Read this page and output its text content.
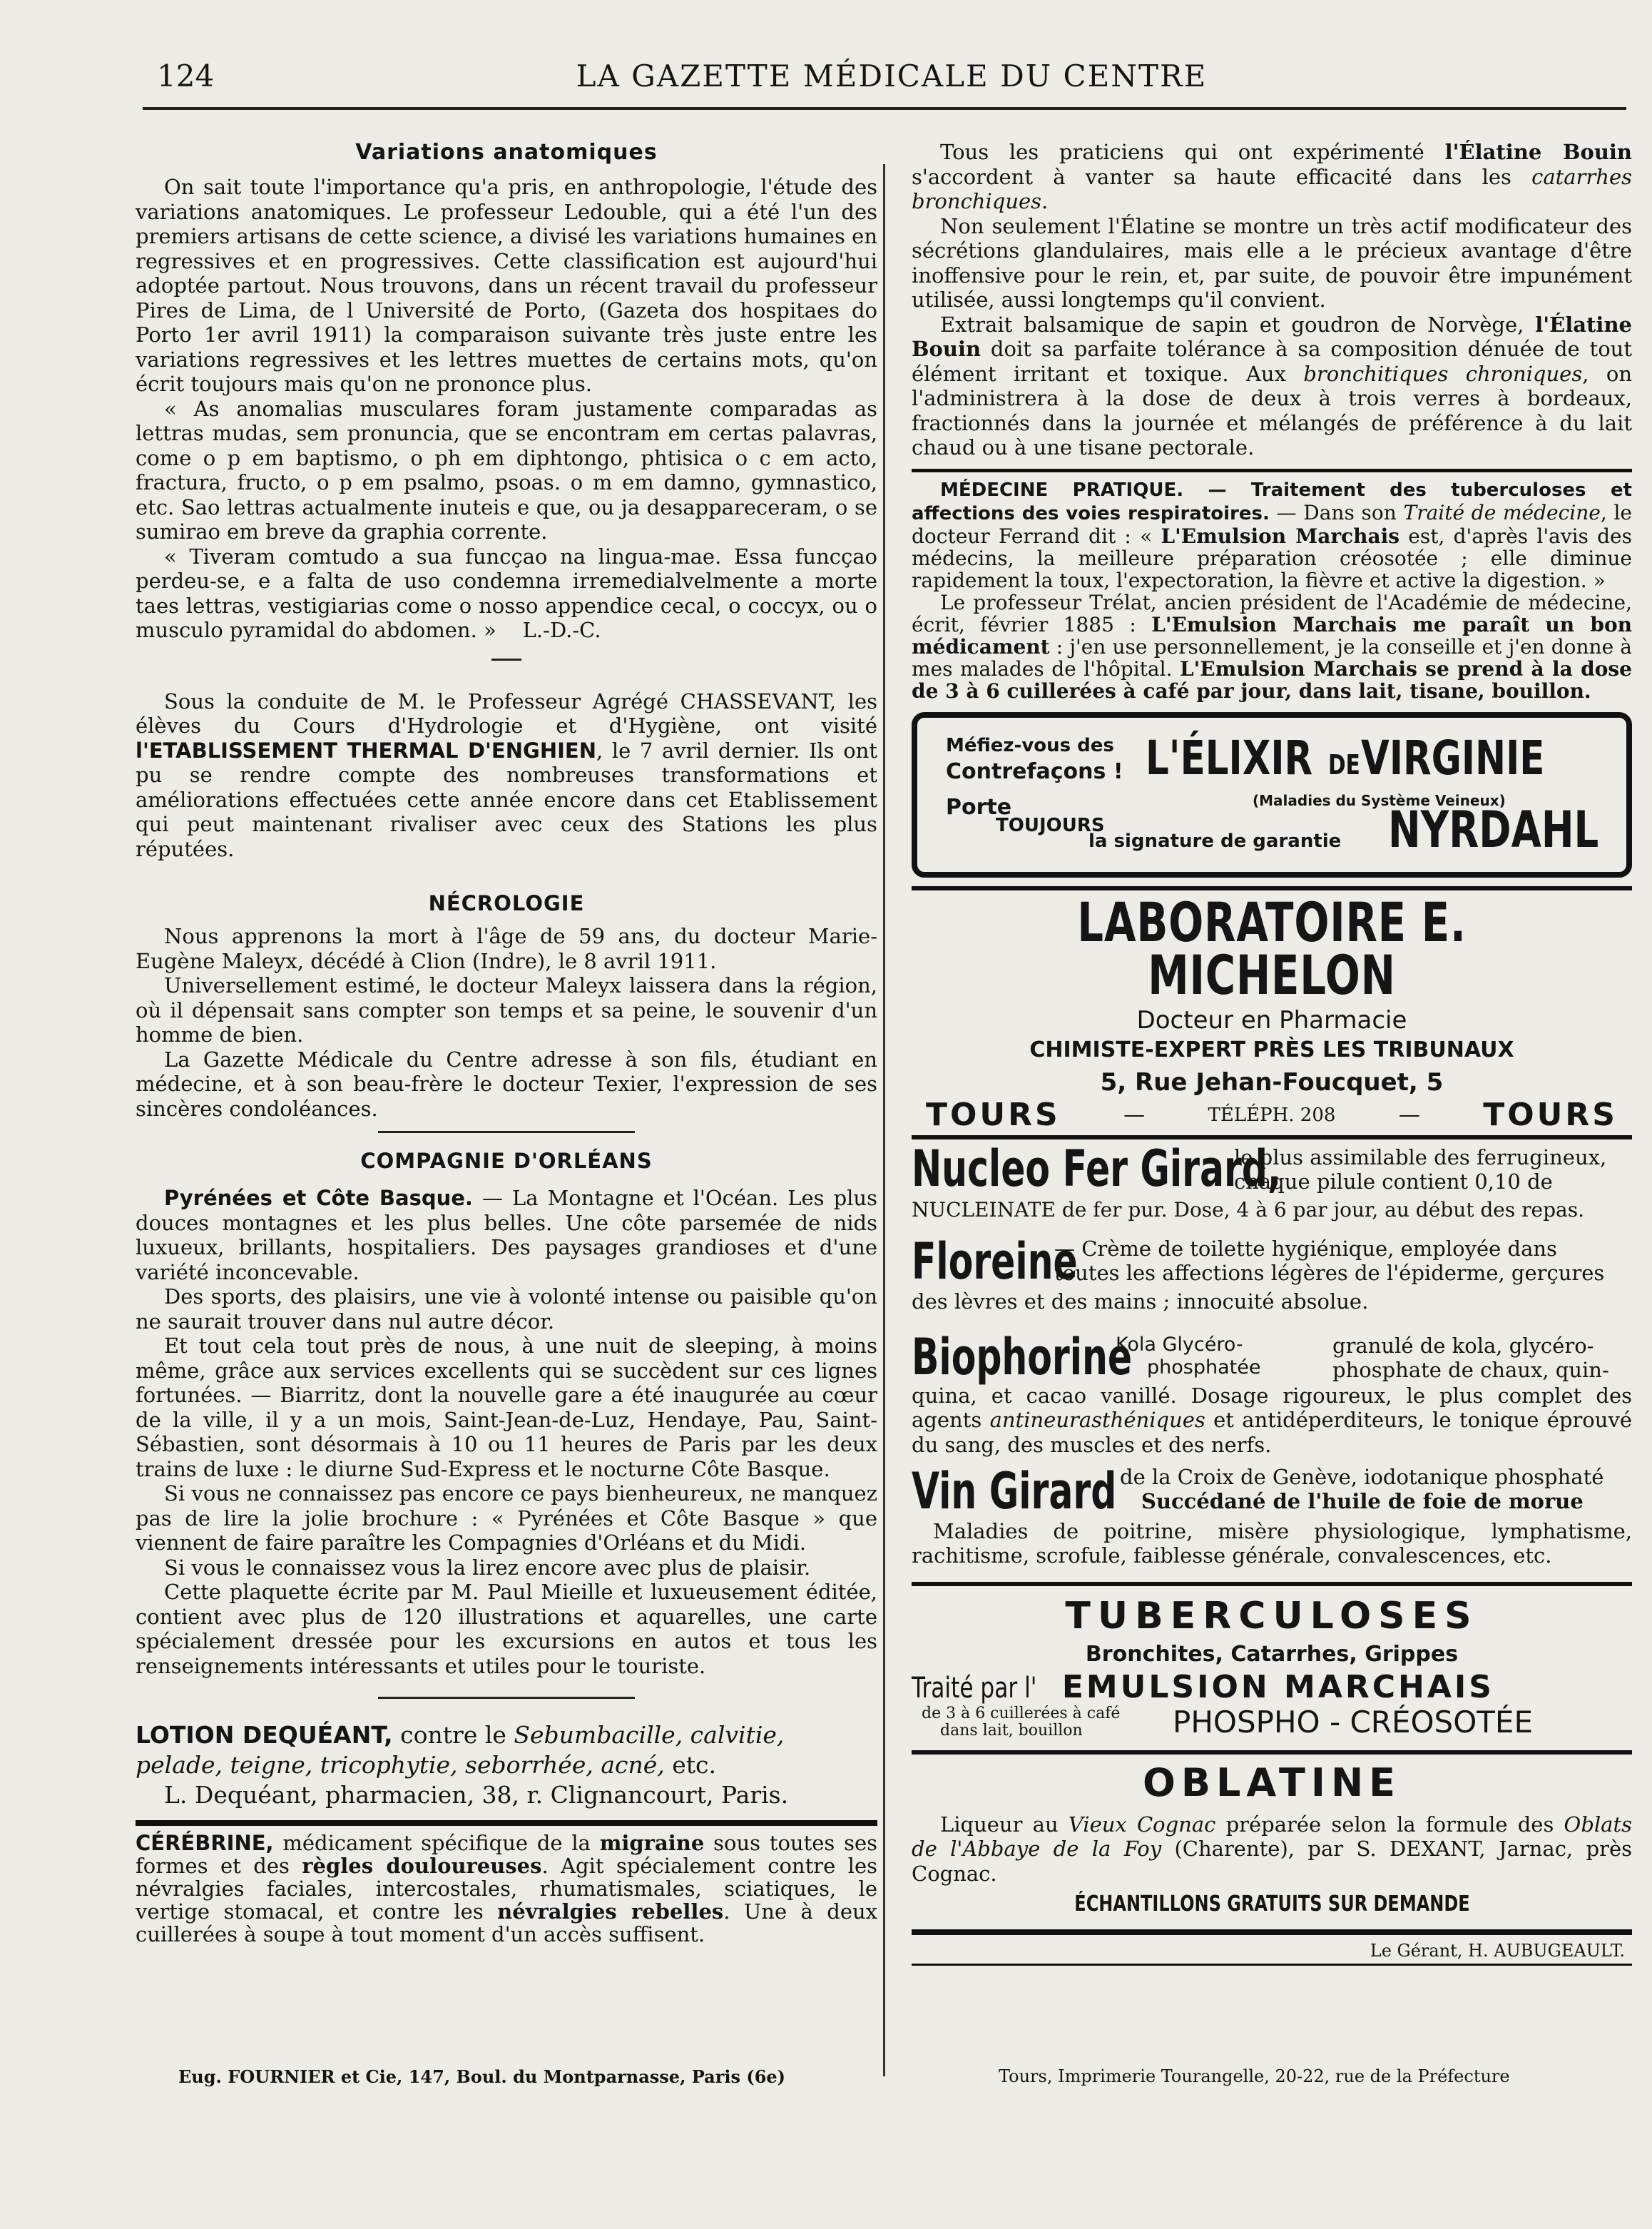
124	LA GAZETTE MÉDICALE DU CENTRE
Variations anatomiques

On sait toute l'importance qu'a pris, en anthropologie, l'étude des variations anatomiques. Le professeur Ledouble, qui a été l'un des premiers artisans de cette science, a divisé les variations humaines en regressives et en progressives. Cette classification est aujourd'hui adoptée partout. Nous trouvons, dans un récent travail du professeur Pires de Lima, de l Université de Porto, (Gazeta dos hospitaes do Porto 1er avril 1911) la comparaison suivante très juste entre les variations regressives et les lettres muettes de certains mots, qu'on écrit toujours mais qu'on ne prononce plus.

« As anomalias musculares foram justamente comparadas as lettras mudas, sem pronuncia, que se encontram em certas palavras, come o p em baptismo, o ph em diphtongo, phtisica o c em acto, fractura, fructo, o p em psalmo, psoas. o m em damno, gymnastico, etc. Sao lettras actualmente inuteis e que, ou ja desappareceram, o se sumirao em breve da graphia corrente.

« Tiveram comtudo a sua funcçao na lingua-mae. Essa funcçao perdeu-se, e a falta de uso condemna irremedialvelmente a morte taes lettras, vestigiarias come o nosso appendice cecal, o coccyx, ou o musculo pyramidal do abdomen. » L.-D.-C.

Sous la conduite de M. le Professeur Agrégé CHASSEVANT, les élèves du Cours d'Hydrologie et d'Hygiène, ont visité l'ETABLISSEMENT THERMAL D'ENGHIEN, le 7 avril dernier. Ils ont pu se rendre compte des nombreuses transformations et améliorations effectuées cette année encore dans cet Etablissement qui peut maintenant rivaliser avec ceux des Stations les plus réputées.

NÉCROLOGIE

Nous apprenons la mort à l'âge de 59 ans, du docteur Marie-Eugène Maleyx, décédé à Clion (Indre), le 8 avril 1911.

Universellement estimé, le docteur Maleyx laissera dans la région, où il dépensait sans compter son temps et sa peine, le souvenir d'un homme de bien.

La Gazette Médicale du Centre adresse à son fils, étudiant en médecine, et à son beau-frère le docteur Texier, l'expression de ses sincères condoléances.

COMPAGNIE D'ORLÉANS

Pyrénées et Côte Basque. — La Montagne et l'Océan. Les plus douces montagnes et les plus belles. Une côte parsemée de nids luxueux, brillants, hospitaliers. Des paysages grandioses et d'une variété inconcevable.

Des sports, des plaisirs, une vie à volonté intense ou paisible qu'on ne saurait trouver dans nul autre décor.

Et tout cela tout près de nous, à une nuit de sleeping, à moins même, grâce aux services excellents qui se succèdent sur ces lignes fortunées. — Biarritz, dont la nouvelle gare a été inaugurée au cœur de la ville, il y a un mois, Saint-Jean-de-Luz, Hendaye, Pau, Saint-Sébastien, sont désormais à 10 ou 11 heures de Paris par les deux trains de luxe : le diurne Sud-Express et le nocturne Côte Basque.

Si vous ne connaissez pas encore ce pays bienheureux, ne manquez pas de lire la jolie brochure : « Pyrénées et Côte Basque » que viennent de faire paraître les Compagnies d'Orléans et du Midi.

Si vous le connaissez vous la lirez encore avec plus de plaisir.

Cette plaquette écrite par M. Paul Mieille et luxueusement éditée, contient avec plus de 120 illustrations et aquarelles, une carte spécialement dressée pour les excursions en autos et tous les renseignements intéressants et utiles pour le touriste.

LOTION DEQUÉANT, contre le Sebumbacille, calvitie, pelade, teigne, tricophytie, seborrhée, acné, etc.

L. Dequéant, pharmacien, 38, r. Clignancourt, Paris.

CÉRÉBRINE, médicament spécifique de la migraine sous toutes ses formes et des règles douloureuses. Agit spécialement contre les névralgies faciales, intercostales, rhumatismales, sciatiques, le vertige stomacal, et contre les névralgies rebelles. Une à deux cuillerées à soupe à tout moment d'un accès suffisent.

Eug. FOURNIER et Cie, 147, Boul. du Montparnasse, Paris (6e)

Tous les praticiens qui ont expérimenté l'Élatine Bouin s'accordent à vanter sa haute efficacité dans les catarrhes bronchiques.

Non seulement l'Élatine se montre un très actif modificateur des sécrétions glandulaires, mais elle a le précieux avantage d'être inoffensive pour le rein, et, par suite, de pouvoir être impunément utilisée, aussi longtemps qu'il convient.

Extrait balsamique de sapin et goudron de Norvège, l'Élatine Bouin doit sa parfaite tolérance à sa composition dénuée de tout élément irritant et toxique. Aux bronchitiques chroniques, on l'administrera à la dose de deux à trois verres à bordeaux, fractionnés dans la journée et mélangés de préférence à du lait chaud ou à une tisane pectorale.

MÉDECINE PRATIQUE. — Traitement des tuberculoses et affections des voies respiratoires. — Dans son Traité de médecine, le docteur Ferrand dit : « L'Emulsion Marchais est, d'après l'avis des médecins, la meilleure préparation créosotée ; elle diminue rapidement la toux, l'expectoration, la fièvre et active la digestion. »

Le professeur Trélat, ancien président de l'Académie de médecine, écrit, février 1885 : L'Emulsion Marchais me paraît un bon médicament : j'en use personnellement, je la conseille et j'en donne à mes malades de l'hôpital. L'Emulsion Marchais se prend à la dose de 3 à 6 cuillerées à café par jour, dans lait, tisane, bouillon.

Méfiez-vous des
Contrefaçons ! L'ÉLIXIR DEVIRGINIE
(Maladies du Système Veineux)
Porte
TOUJOURS
la signature de garantie NYRDAHL
LABORATOIRE E. MICHELON
Docteur en Pharmacie
CHIMISTE-EXPERT PRÈS LES TRIBUNAUX
5, Rue Jehan-Foucquet, 5
TOURS	—	TÉLÉPH. 208	— TOURS
Nucleo Fer Girard,
le plus assimilable des ferrugineux,
chaque pilule contient 0,10 de
NUCLEINATE de fer pur. Dose, 4 à 6 par jour, au début des repas.
Floreine
— Crème de toilette hygiénique, employée dans
toutes les affections légères de l'épiderme, gerçures
des lèvres et des mains ; innocuité absolue.
Biophorine
Kola Glycéro-
phosphatée
granulé de kola, glycéro-
phosphate de chaux, quin-

quina, et cacao vanillé. Dosage rigoureux, le plus complet des agents antineurasthéniques et antidéperditeurs, le tonique éprouvé du sang, des muscles et des nerfs.

Vin Girard de la Croix de Genève, iodotanique phosphaté
Succédané de l'huile de foie de morue

Maladies de poitrine, misère physiologique, lymphatisme, rachitisme, scrofule, faiblesse générale, convalescences, etc.

TUBERCULOSES
Bronchites, Catarrhes, Grippes
Traité par l' EMULSION MARCHAIS
de 3 à 6 cuillerées à café
dans lait, bouillon	PHOSPHO - CRÉOSOTÉE
OBLATINE

Liqueur au Vieux Cognac préparée selon la formule des Oblats de l'Abbaye de la Foy (Charente), par S. DEXANT, Jarnac, près Cognac.

ÉCHANTILLONS GRATUITS SUR DEMANDE
Le Gérant, H. AUBUGEAULT.
Tours, Imprimerie Tourangelle, 20-22, rue de la Préfecture
